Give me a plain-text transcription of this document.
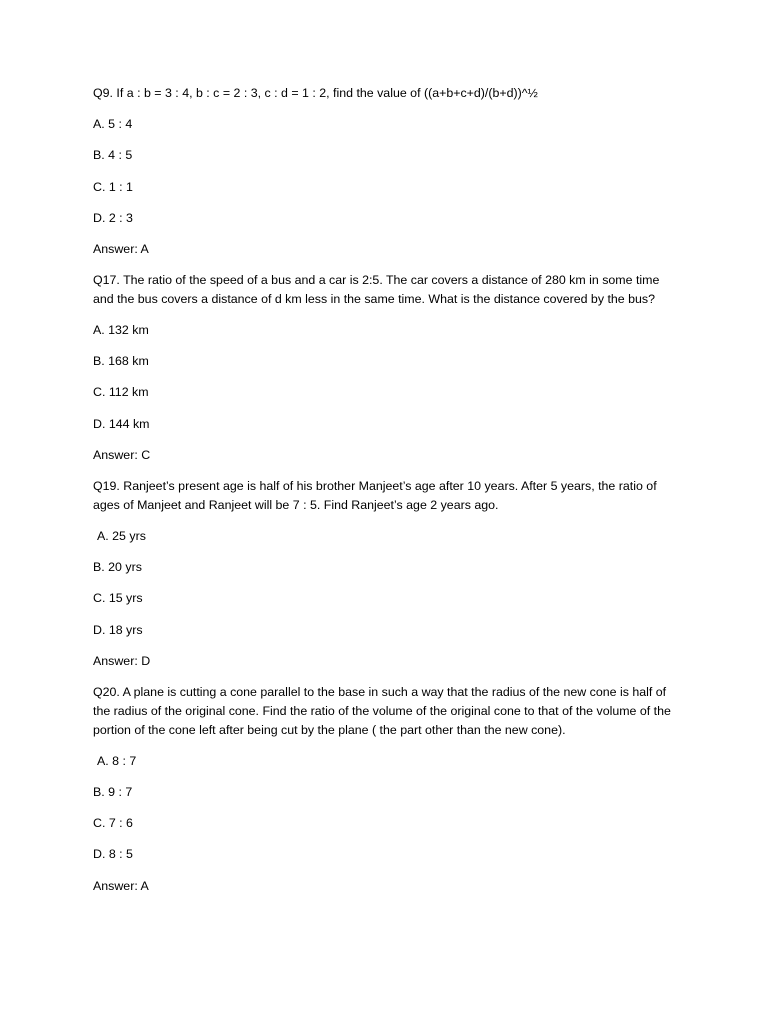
Q9. If a : b = 3 : 4, b : c = 2 : 3, c : d = 1 : 2, find the value of ((a+b+c+d)/(b+d))^½

A. 5 : 4

B. 4 : 5

C. 1 : 1

D. 2 : 3

Answer: A

Q17. The ratio of the speed of a bus and a car is 2:5. The car covers a distance of 280 km in some time and the bus covers a distance of d km less in the same time. What is the distance covered by the bus?

A. 132 km

B. 168 km

C. 112 km

D. 144 km

Answer: C

Q19. Ranjeet’s present age is half of his brother Manjeet’s age after 10 years. After 5 years, the ratio of ages of Manjeet and Ranjeet will be 7 : 5. Find Ranjeet’s age 2 years ago.

A. 25 yrs

B. 20 yrs

C. 15 yrs

D. 18 yrs

Answer: D

Q20. A plane is cutting a cone parallel to the base in such a way that the radius of the new cone is half of the radius of the original cone. Find the ratio of the volume of the original cone to that of the volume of the portion of the cone left after being cut by the plane ( the part other than the new cone).

A. 8 : 7

B. 9 : 7

C. 7 : 6

D. 8 : 5

Answer: A
